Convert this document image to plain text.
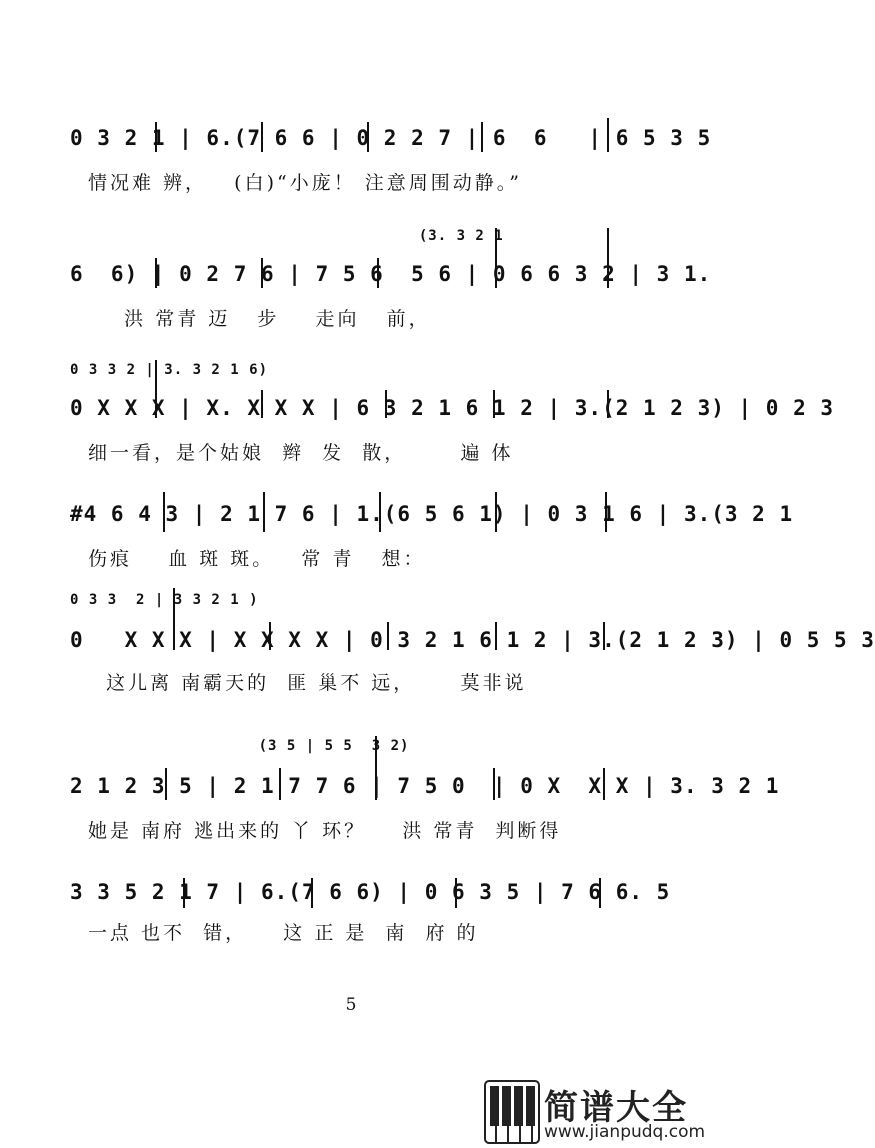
0 3 2 1 | 6.(7 6 6 | 0 2 2 7 | 6  6   | 6 5 3 5
情况难 辨，   (白)“小庞！ 注意周围动静。”
(3. 3 2 1
6  6) | 0 2 7 6 | 7 5 6  5 6 | 0 6 6 3 2 | 3 1.
洪 常青 迈   步    走向   前，
0 3 3 2 | 3. 3 2 1 6)
0 X X X | X. X X X | 6 3 2 1 6 1 2 | 3.(2 1 2 3) | 0 2 3
细一看，是个姑娘  辫  发  散，      遍 体
#4 6 4 3 | 2 1 7 6 | 1.(6 5 6 1) | 0 3 1 6 | 3.(3 2 1
伤痕    血 斑 斑。   常 青   想：
0 3 3  2 | 3 3 2 1 )
0   X X X | X X X X | 0 3 2 1 6 1 2 | 3.(2 1 2 3) | 0 5 5 3
这儿离 南霸天的  匪 巢不 远，     莫非说
(3 5 | 5 5  3 2)
2 1 2 3 5 | 2 1 7 7 6 | 7 5 0  | 0 X  X X | 3. 3 2 1
她是 南府 逃出来的 丫 环？    洪 常青  判断得
3 3 5 2 1 7 | 6.(7 6 6) | 0 6 3 5 | 7 6 6. 5
一点 也不  错，    这 正 是  南  府 的
5
简谱大全
www.jianpudq.com
